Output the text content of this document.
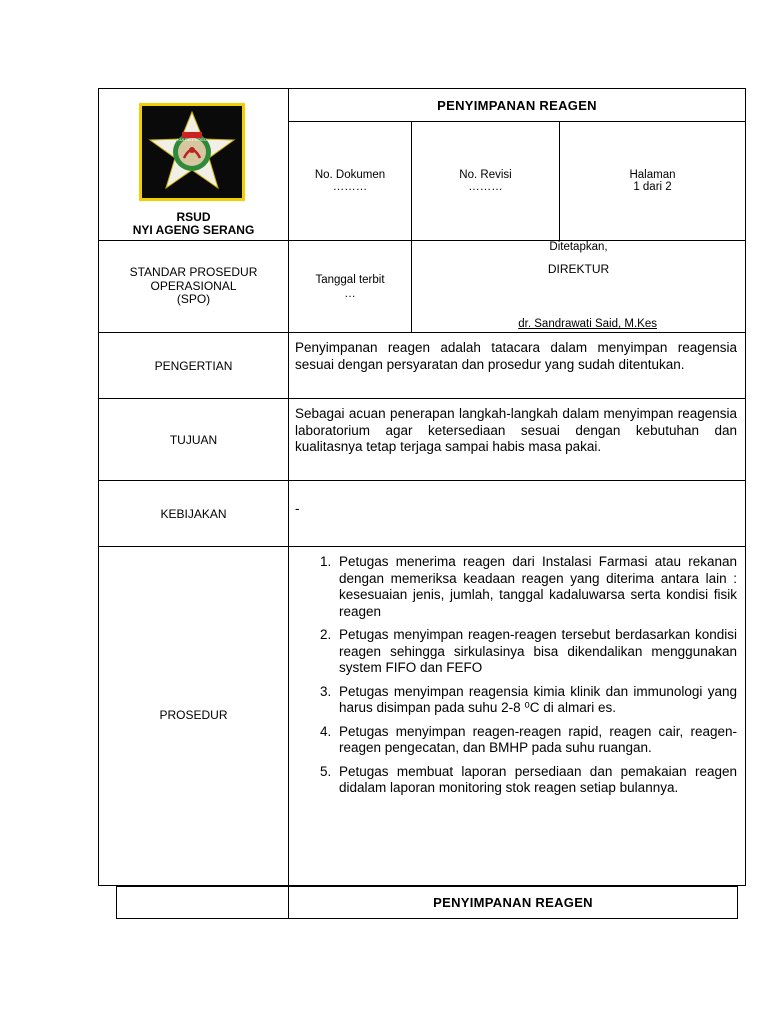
KULON PROGO
RSUD
NYI AGENG SERANG
PENYIMPANAN REAGEN
No. Dokumen
………
No. Revisi
………
Halaman
1 dari 2
STANDAR PROSEDUR
OPERASIONAL
(SPO)
Tanggal terbit
…
Ditetapkan,
DIREKTUR
dr. Sandrawati Said, M.Kes
PENGERTIAN
Penyimpanan reagen adalah tatacara dalam menyimpan reagensia sesuai dengan persyaratan dan prosedur yang sudah ditentukan.
TUJUAN
Sebagai acuan penerapan langkah-langkah dalam menyimpan reagensia laboratorium agar ketersediaan sesuai dengan kebutuhan dan kualitasnya tetap terjaga sampai habis masa pakai.
KEBIJAKAN	-
PROSEDUR
1. Petugas menerima reagen dari Instalasi Farmasi atau rekanan dengan memeriksa keadaan reagen yang diterima antara lain : kesesuaian jenis, jumlah, tanggal kadaluwarsa serta kondisi fisik reagen
2. Petugas menyimpan reagen-reagen tersebut berdasarkan kondisi reagen sehingga sirkulasinya bisa dikendalikan menggunakan system FIFO dan FEFO
3. Petugas menyimpan reagensia kimia klinik dan immunologi yang harus disimpan pada suhu 2-8 ⁰C di almari es.
4. Petugas menyimpan reagen-reagen rapid, reagen cair, reagen-reagen pengecatan, dan BMHP pada suhu ruangan.
5. Petugas membuat laporan persediaan dan pemakaian reagen didalam laporan monitoring stok reagen setiap bulannya.
PENYIMPANAN REAGEN
